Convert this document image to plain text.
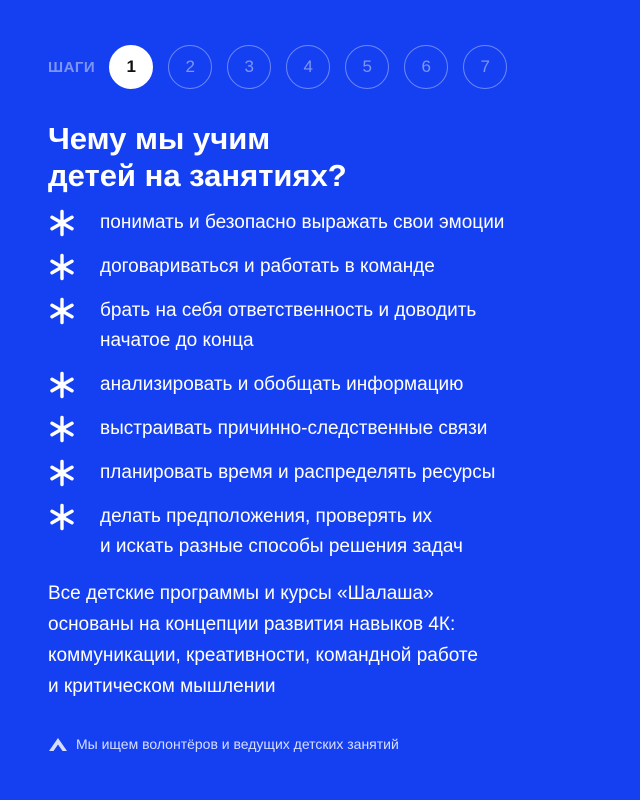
ШАГИ 1	2	3	4	5	6	7
Чему мы учим
детей на занятиях?
понимать и безопасно выражать свои эмоции
договариваться и работать в команде
брать на себя ответственность и доводить
начатое до конца
анализировать и обобщать информацию
выстраивать причинно-следственные связи
планировать время и распределять ресурсы
делать предположения, проверять их
и искать разные способы решения задач
Все детские программы и курсы «Шалаша»
основаны на концепции развития навыков 4К:
коммуникации, креативности, командной работе
и критическом мышлении
Мы ищем волонтёров и ведущих детских занятий
